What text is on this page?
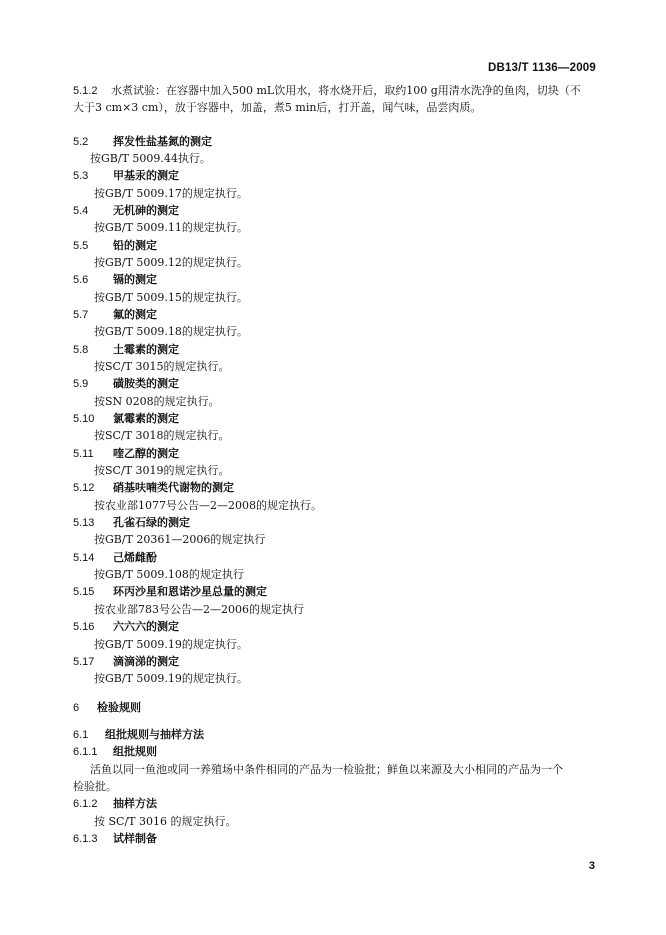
DB13/T 1136—2009
5.1.2 水煮试验：在容器中加入500 mL饮用水，将水烧开后，取约100 g用清水洗净的鱼肉，切块（不
大于3 cm×3 cm），放于容器中，加盖，煮5 min后，打开盖，闻气味，品尝肉质。
5.2 挥发性盐基氮的测定
按GB/T 5009.44执行。
5.3 甲基汞的测定
按GB/T 5009.17的规定执行。
5.4 无机砷的测定
按GB/T 5009.11的规定执行。
5.5 铅的测定
按GB/T 5009.12的规定执行。
5.6 镉的测定
按GB/T 5009.15的规定执行。
5.7 氟的测定
按GB/T 5009.18的规定执行。
5.8 土霉素的测定
按SC/T 3015的规定执行。
5.9 磺胺类的测定
按SN 0208的规定执行。
5.10 氯霉素的测定
按SC/T 3018的规定执行。
5.11 喹乙醇的测定
按SC/T 3019的规定执行。
5.12 硝基呋喃类代谢物的测定
按农业部1077号公告—2—2008的规定执行。
5.13 孔雀石绿的测定
按GB/T 20361—2006的规定执行
5.14 己烯雌酚
按GB/T 5009.108的规定执行
5.15 环丙沙星和恩诺沙星总量的测定
按农业部783号公告—2—2006的规定执行
5.16 六六六的测定
按GB/T 5009.19的规定执行。
5.17 滴滴涕的测定
按GB/T 5009.19的规定执行。
6 检验规则
6.1 组批规则与抽样方法
6.1.1 组批规则
活鱼以同一鱼池或同一养殖场中条件相同的产品为一检验批；鲜鱼以来源及大小相同的产品为一个
检验批。
6.1.2 抽样方法
按 SC/T 3016 的规定执行。
6.1.3 试样制备
3
